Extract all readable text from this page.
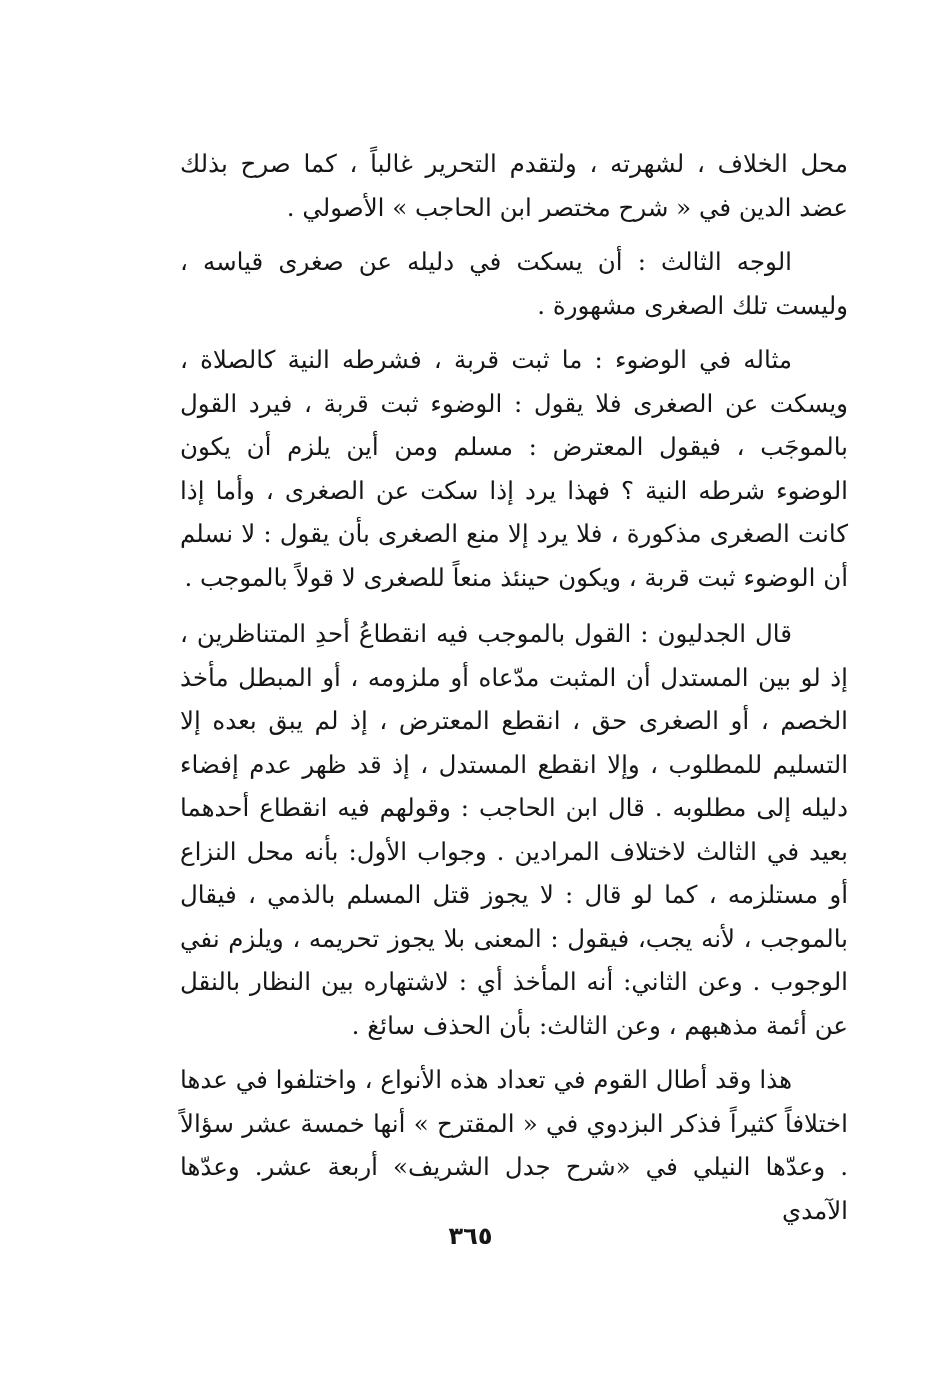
محل الخلاف ، لشهرته ، ولتقدم التحرير غالباً ، كما صرح بذلك عضد الدين في « شرح مختصر ابن الحاجب » الأصولي .

الوجه الثالث : أن يسكت في دليله عن صغرى قياسه ، وليست تلك الصغرى مشهورة .

مثاله في الوضوء : ما ثبت قربة ، فشرطه النية كالصلاة ، ويسكت عن الصغرى فلا يقول : الوضوء ثبت قربة ، فيرد القول بالموجَب ، فيقول المعترض : مسلم ومن أين يلزم أن يكون الوضوء شرطه النية ؟ فهذا يرد إذا سكت عن الصغرى ، وأما إذا كانت الصغرى مذكورة ، فلا يرد إلا منع الصغرى بأن يقول : لا نسلم أن الوضوء ثبت قربة ، ويكون حينئذ منعاً للصغرى لا قولاً بالموجب .

قال الجدليون : القول بالموجب فيه انقطاعُ أحدِ المتناظرين ، إذ لو بين المستدل أن المثبت مدّعاه أو ملزومه ، أو المبطل مأخذ الخصم ، أو الصغرى حق ، انقطع المعترض ، إذ لم يبق بعده إلا التسليم للمطلوب ، وإلا انقطع المستدل ، إذ قد ظهر عدم إفضاء دليله إلى مطلوبه . قال ابن الحاجب : وقولهم فيه انقطاع أحدهما بعيد في الثالث لاختلاف المرادين . وجواب الأول: بأنه محل النزاع أو مستلزمه ، كما لو قال : لا يجوز قتل المسلم بالذمي ، فيقال بالموجب ، لأنه يجب، فيقول : المعنى بلا يجوز تحريمه ، ويلزم نفي الوجوب . وعن الثاني: أنه المأخذ أي : لاشتهاره بين النظار بالنقل عن أئمة مذهبهم ، وعن الثالث: بأن الحذف سائغ .

هذا وقد أطال القوم في تعداد هذه الأنواع ، واختلفوا في عدها اختلافاً كثيراً فذكر البزدوي في « المقترح » أنها خمسة عشر سؤالاً . وعدّها النيلي في «شرح جدل الشريف» أربعة عشر. وعدّها الآمدي

٣٦٥
